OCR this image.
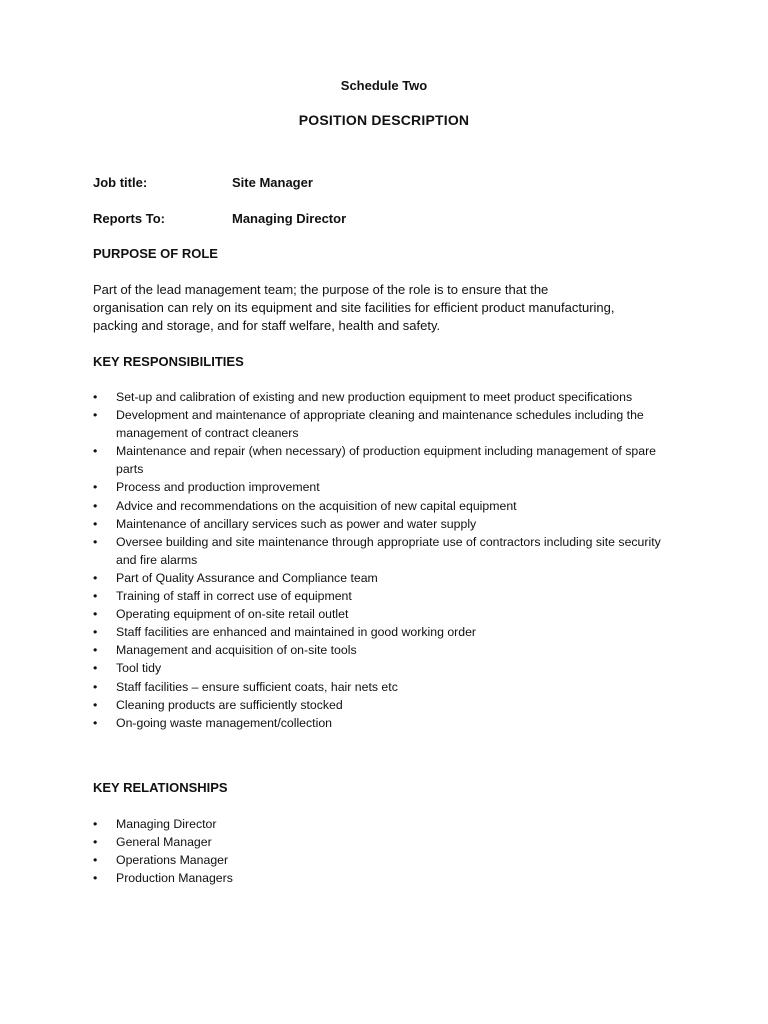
Schedule Two
POSITION DESCRIPTION
Job title:	Site Manager
Reports To:	Managing Director
PURPOSE OF ROLE
Part of the lead management team; the purpose of the role is to ensure that the
organisation can rely on its equipment and site facilities for efficient product manufacturing,
packing and storage, and for staff welfare, health and safety.
KEY RESPONSIBILITIES
•	Set-up and calibration of existing and new production equipment to meet product specifications
•	Development and maintenance of appropriate cleaning and maintenance schedules including the management of contract cleaners
•	Maintenance and repair (when necessary) of production equipment including management of spare parts
•	Process and production improvement
•	Advice and recommendations on the acquisition of new capital equipment
•	Maintenance of ancillary services such as power and water supply
•	Oversee building and site maintenance through appropriate use of contractors including site security and fire alarms
•	Part of Quality Assurance and Compliance team
•	Training of staff in correct use of equipment
•	Operating equipment of on-site retail outlet
•	Staff facilities are enhanced and maintained in good working order
•	Management and acquisition of on-site tools
•	Tool tidy
•	Staff facilities – ensure sufficient coats, hair nets etc
•	Cleaning products are sufficiently stocked
•	On-going waste management/collection
KEY RELATIONSHIPS
•	Managing Director
•	General Manager
•	Operations Manager
•	Production Managers
